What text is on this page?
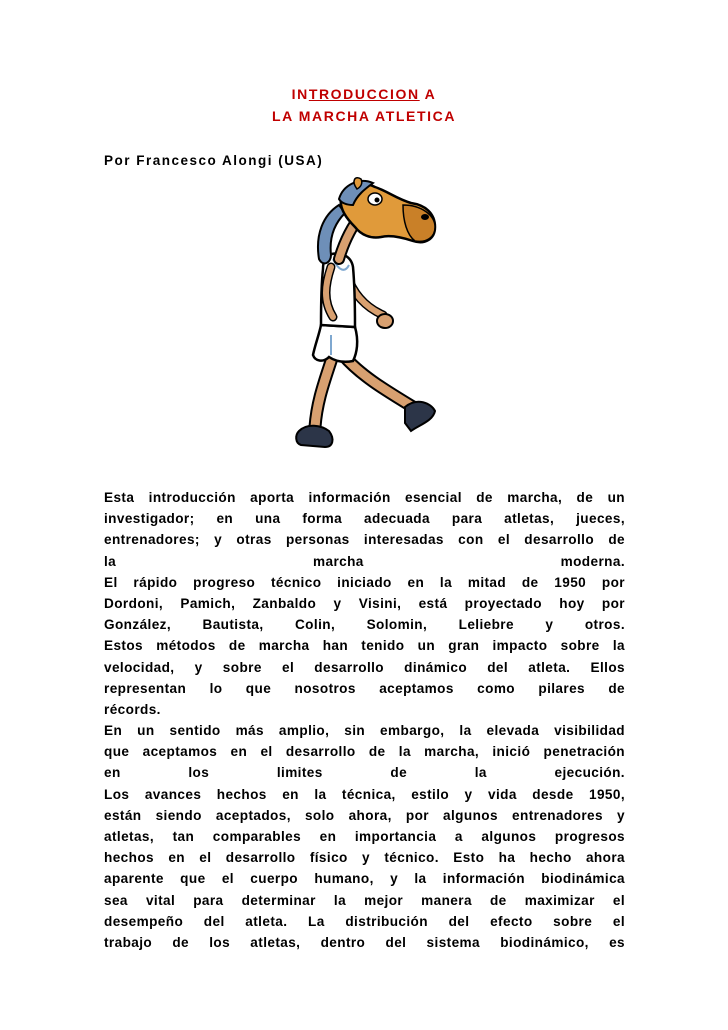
INTRODUCCION A
LA MARCHA ATLETICA
Por Francesco Alongi (USA)
Esta introducción aporta información esencial de marcha, de un
investigador; en una forma adecuada para atletas, jueces,
entrenadores; y otras personas interesadas con el desarrollo de
la marcha moderna.
El rápido progreso técnico iniciado en la mitad de 1950 por
Dordoni, Pamich, Zanbaldo y Visini, está proyectado hoy por
González, Bautista, Colin, Solomin, Leliebre y otros.
Estos métodos de marcha han tenido un gran impacto sobre la
velocidad, y sobre el desarrollo dinámico del atleta. Ellos
representan lo que nosotros aceptamos como pilares de
récords.
En un sentido más amplio, sin embargo, la elevada visibilidad
que aceptamos en el desarrollo de la marcha, inició penetración
en los limites de la ejecución.
Los avances hechos en la técnica, estilo y vida desde 1950,
están siendo aceptados, solo ahora, por algunos entrenadores y
atletas, tan comparables en importancia a algunos progresos
hechos en el desarrollo físico y técnico. Esto ha hecho ahora
aparente que el cuerpo humano, y la información biodinámica
sea vital para determinar la mejor manera de maximizar el
desempeño del atleta. La distribución del efecto sobre el
trabajo de los atletas, dentro del sistema biodinámico, es
